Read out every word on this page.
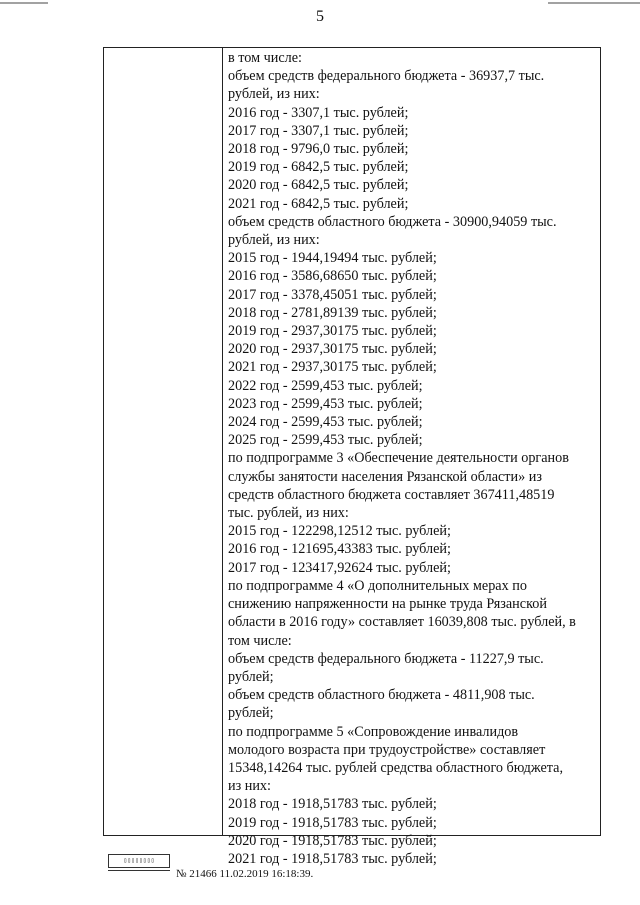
5
в том числе:
объем средств федерального бюджета - 36937,7 тыс.
рублей, из них:
2016 год - 3307,1 тыс. рублей;
2017 год - 3307,1 тыс. рублей;
2018 год - 9796,0 тыс. рублей;
2019 год - 6842,5 тыс. рублей;
2020 год - 6842,5 тыс. рублей;
2021 год - 6842,5 тыс. рублей;
объем средств областного бюджета - 30900,94059 тыс.
рублей, из них:
2015 год - 1944,19494 тыс. рублей;
2016 год - 3586,68650 тыс. рублей;
2017 год - 3378,45051 тыс. рублей;
2018 год - 2781,89139 тыс. рублей;
2019 год - 2937,30175 тыс. рублей;
2020 год - 2937,30175 тыс. рублей;
2021 год - 2937,30175 тыс. рублей;
2022 год - 2599,453 тыс. рублей;
2023 год - 2599,453 тыс. рублей;
2024 год - 2599,453 тыс. рублей;
2025 год - 2599,453 тыс. рублей;
по подпрограмме 3 «Обеспечение деятельности органов
службы занятости населения Рязанской области» из
средств областного бюджета составляет 367411,48519
тыс. рублей, из них:
2015 год - 122298,12512 тыс. рублей;
2016 год - 121695,43383 тыс. рублей;
2017 год - 123417,92624 тыс. рублей;
по подпрограмме 4 «О дополнительных мерах по
снижению напряженности на рынке труда Рязанской
области в 2016 году» составляет 16039,808 тыс. рублей, в
том числе:
объем средств федерального бюджета - 11227,9 тыс.
рублей;
объем средств областного бюджета - 4811,908 тыс.
рублей;
по подпрограмме 5 «Сопровождение инвалидов
молодого возраста при трудоустройстве» составляет
15348,14264 тыс. рублей средства областного бюджета,
из них:
2018 год - 1918,51783 тыс. рублей;
2019 год - 1918,51783 тыс. рублей;
2020 год - 1918,51783 тыс. рублей;
2021 год - 1918,51783 тыс. рублей;
▯▯▯▯▯▯▯▯
№ 21466 11.02.2019 16:18:39.
